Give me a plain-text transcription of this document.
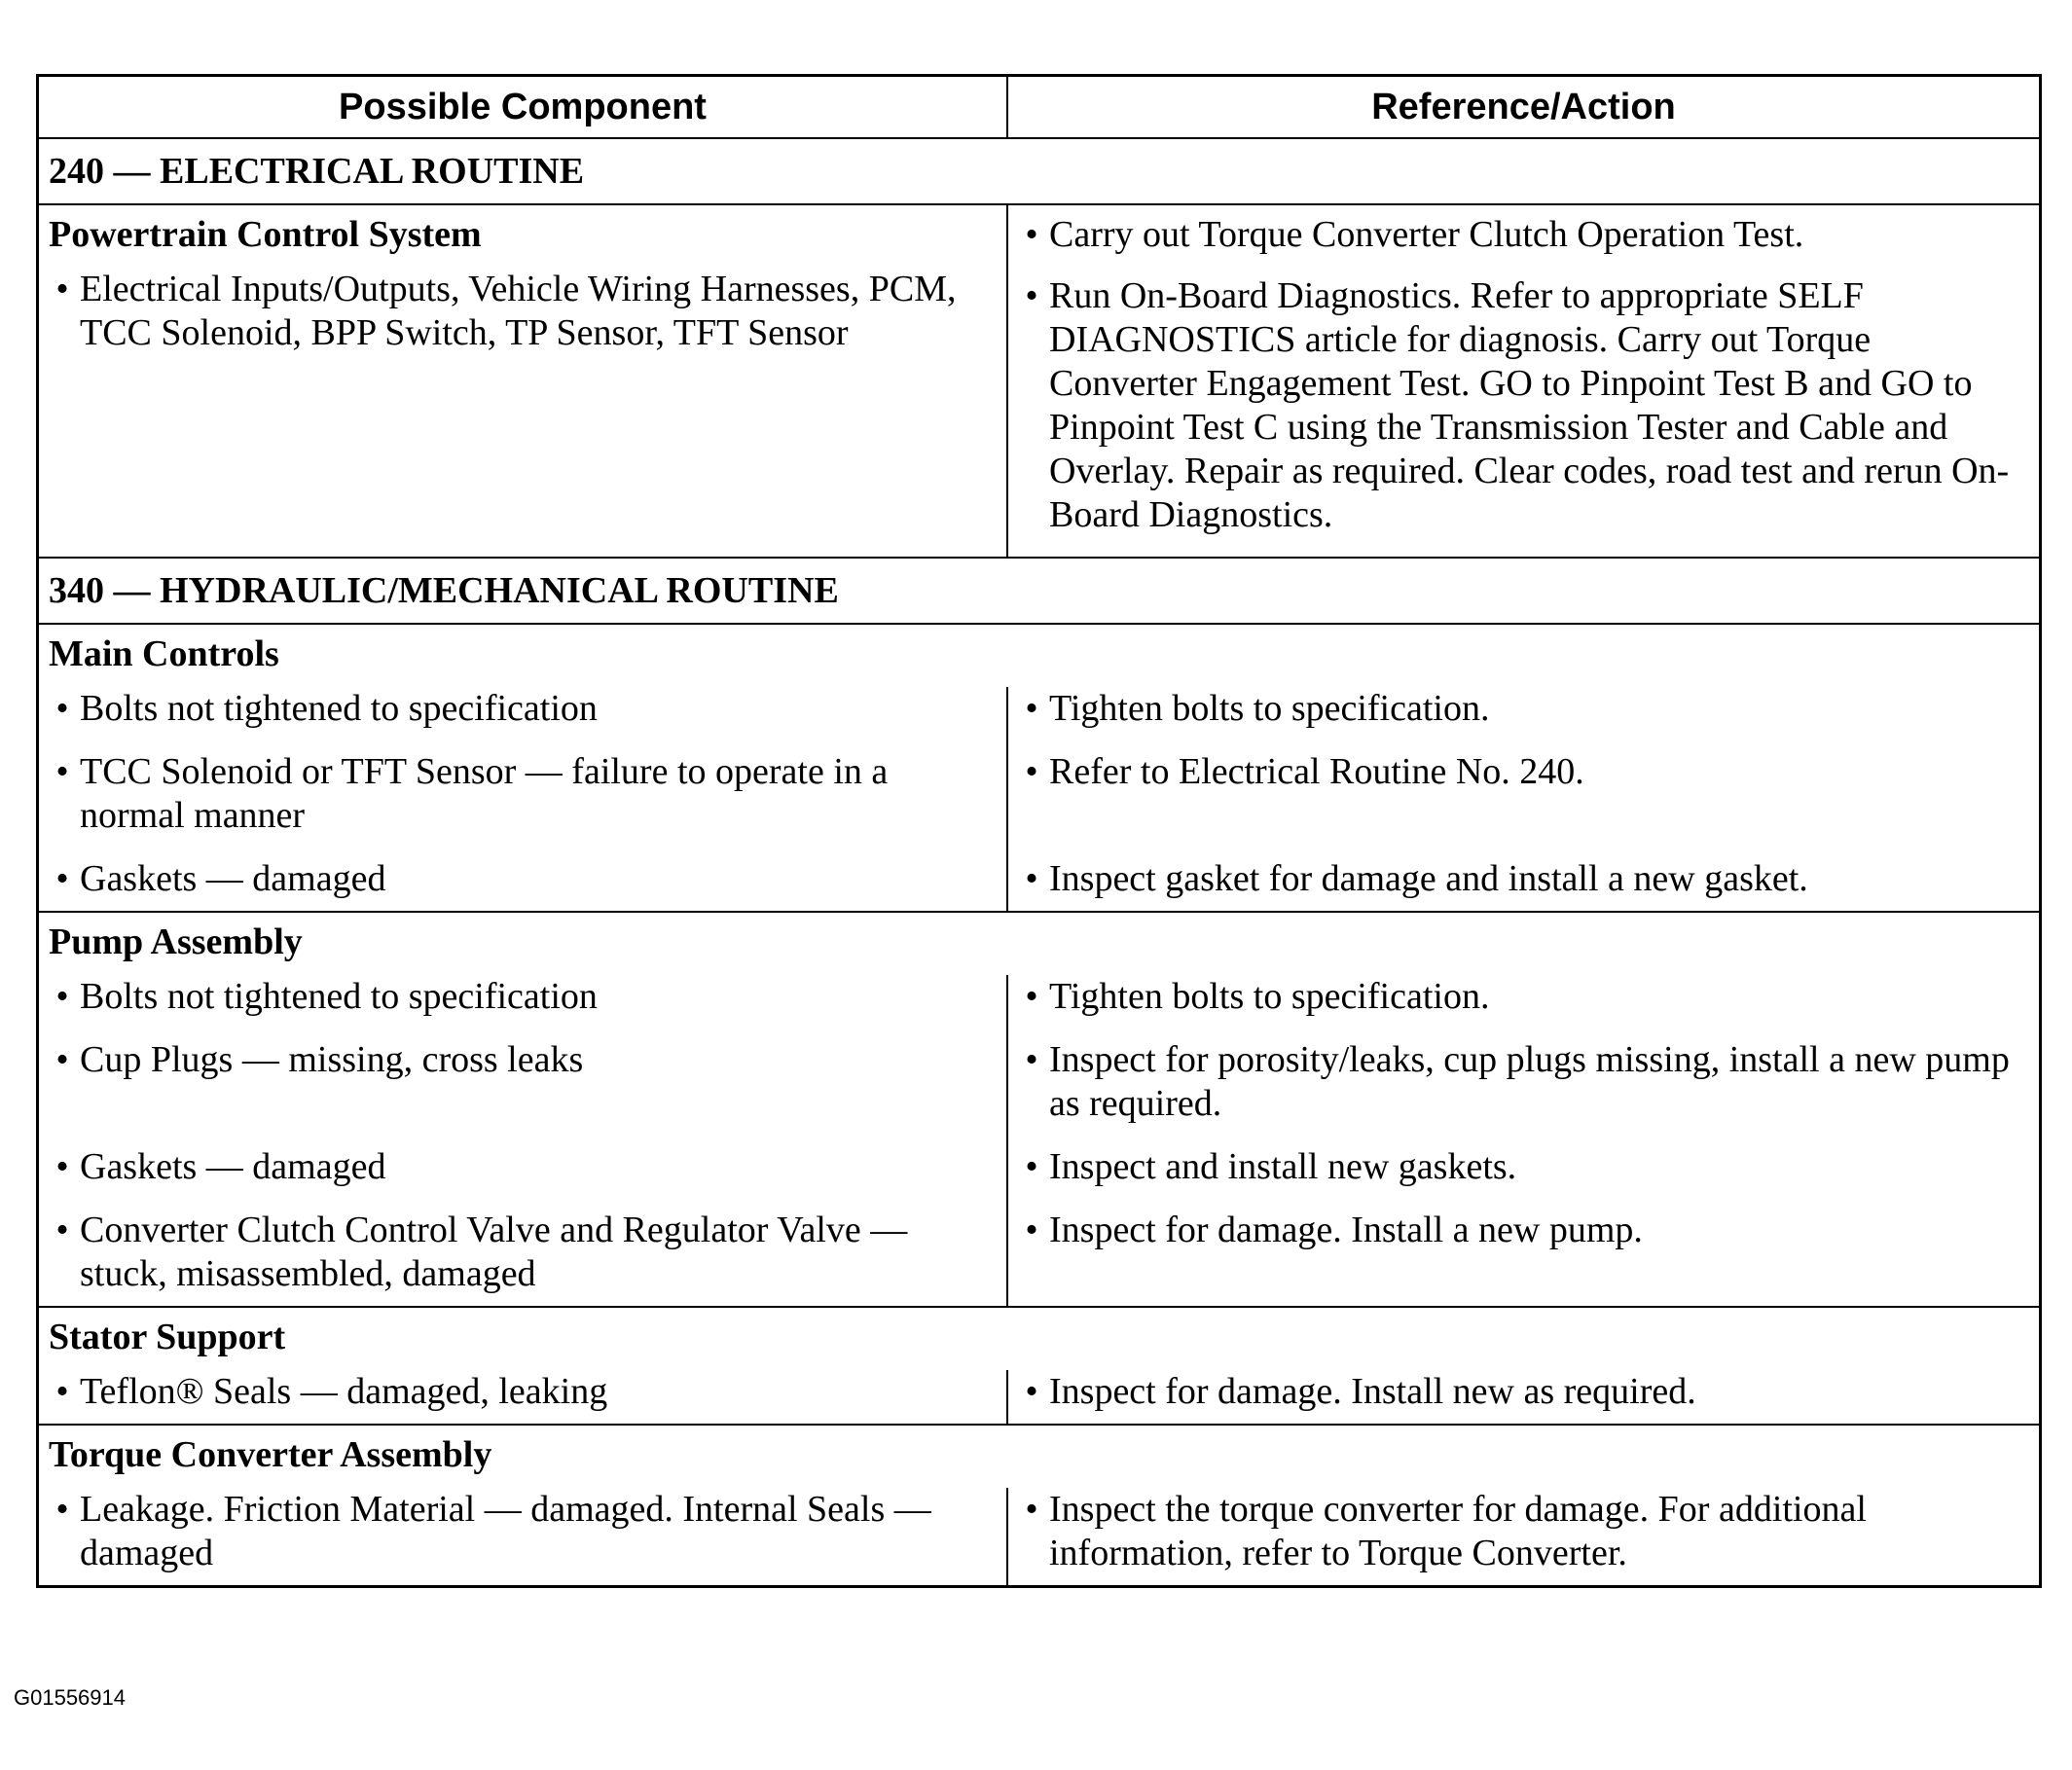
Possible Component	Reference/Action
240 — ELECTRICAL ROUTINE
Powertrain Control System
• Electrical Inputs/Outputs, Vehicle Wiring Harnesses, PCM, TCC Solenoid, BPP Switch, TP Sensor, TFT Sensor
• Carry out Torque Converter Clutch Operation Test.
• Run On-Board Diagnostics. Refer to appropriate SELF DIAGNOSTICS article for diagnosis. Carry out Torque Converter Engagement Test. GO to Pinpoint Test B and GO to Pinpoint Test C using the Transmission Tester and Cable and Overlay. Repair as required. Clear codes, road test and rerun On-Board Diagnostics.
340 — HYDRAULIC/MECHANICAL ROUTINE
Main Controls
• Bolts not tightened to specification
• TCC Solenoid or TFT Sensor — failure to operate in a normal manner
• Gaskets — damaged
• Tighten bolts to specification.
• Refer to Electrical Routine No. 240.
• Inspect gasket for damage and install a new gasket.
Pump Assembly
• Bolts not tightened to specification
• Cup Plugs — missing, cross leaks
• Gaskets — damaged
• Converter Clutch Control Valve and Regulator Valve — stuck, misassembled, damaged
• Tighten bolts to specification.
• Inspect for porosity/leaks, cup plugs missing, install a new pump as required.
• Inspect and install new gaskets.
• Inspect for damage. Install a new pump.
Stator Support
• Teflon® Seals — damaged, leaking	• Inspect for damage. Install new as required.
Torque Converter Assembly
• Leakage. Friction Material — damaged. Internal Seals — damaged
• Inspect the torque converter for damage. For additional information, refer to Torque Converter.
G01556914
